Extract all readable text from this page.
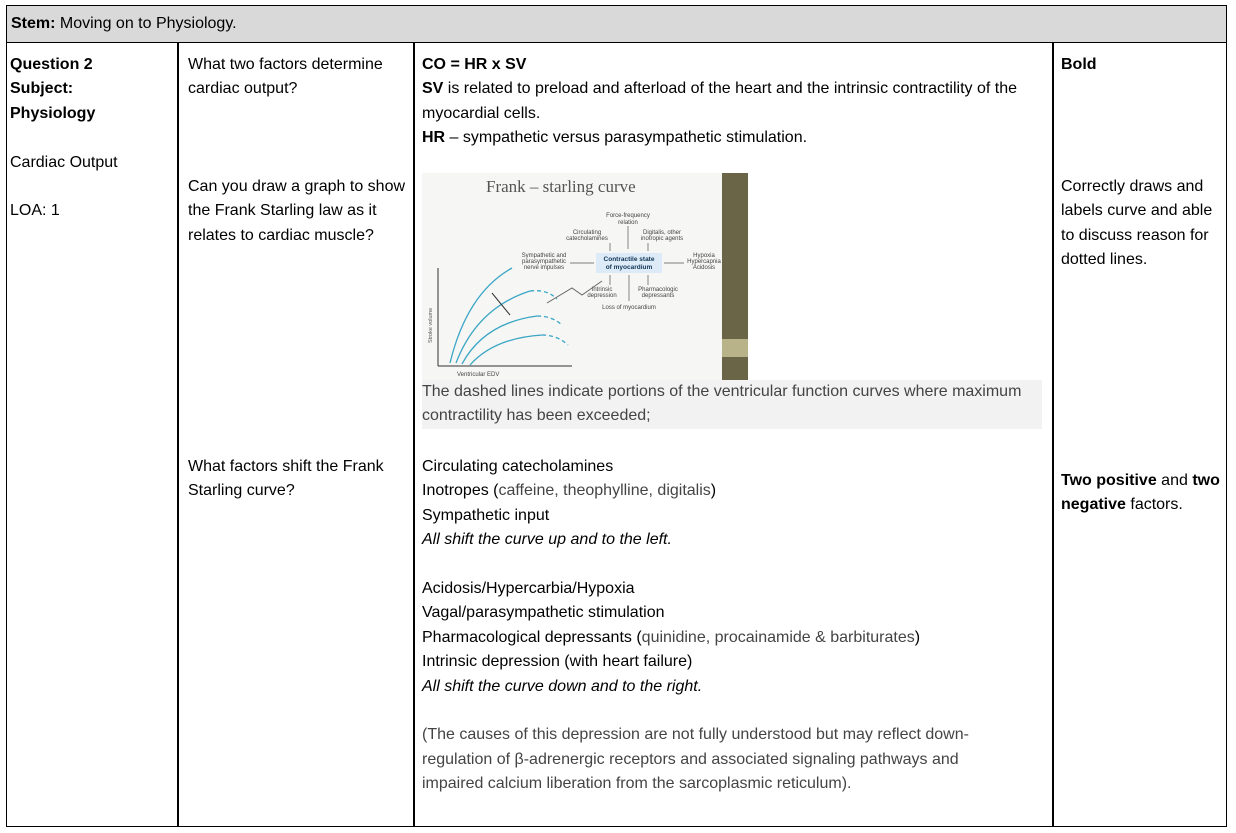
Stem: Moving on to Physiology.
Question 2
Subject:
Physiology
Cardiac Output
LOA: 1
What two factors determine cardiac output?
CO = HR x SV
SV is related to preload and afterload of the heart and the intrinsic contractility of the myocardial cells.
HR – sympathetic versus parasympathetic stimulation.
Bold
Can you draw a graph to show the Frank Starling law as it relates to cardiac muscle?
Frank – starling curve
Force-frequency
relation
Circulating
catecholamines
Digitalis, other
inotropic agents
Sympathetic and
parasympathetic
nerve impulses
Contractile state
of myocardium
Hypoxia
Hypercapnia
Acidosis
Intrinsic
depression
Pharmacologic
depressants
Loss of myocardium
Stroke volume
Ventricular EDV
The dashed lines indicate portions of the ventricular function curves where maximum contractility has been exceeded;
Correctly draws and labels curve and able to discuss reason for dotted lines.
What factors shift the Frank Starling curve?
Circulating catecholamines
Inotropes (caffeine, theophylline, digitalis)
Sympathetic input
All shift the curve up and to the left.
Acidosis/Hypercarbia/Hypoxia
Vagal/parasympathetic stimulation
Pharmacological depressants (quinidine, procainamide & barbiturates)
Intrinsic depression (with heart failure)
All shift the curve down and to the right.
(The causes of this depression are not fully understood but may reflect down-regulation of β-adrenergic receptors and associated signaling pathways and impaired calcium liberation from the sarcoplasmic reticulum).
Two positive and two negative factors.
